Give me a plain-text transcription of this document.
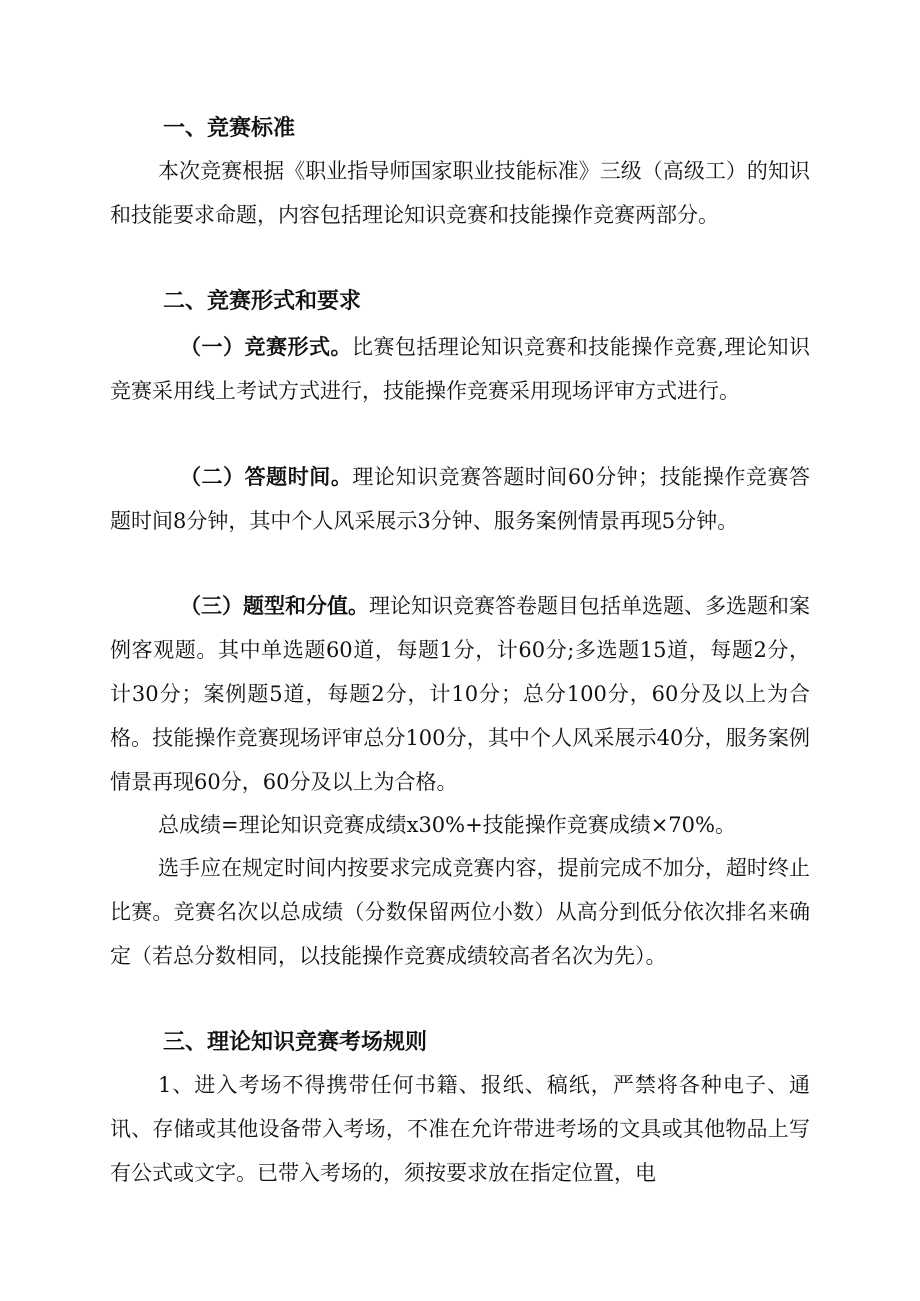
一、竞赛标准
本次竞赛根据《职业指导师国家职业技能标准》三级（高级工）的知识和技能要求命题，内容包括理论知识竞赛和技能操作竞赛两部分。
二、竞赛形式和要求
（一）竞赛形式。比赛包括理论知识竞赛和技能操作竞赛,理论知识竞赛采用线上考试方式进行，技能操作竞赛采用现场评审方式进行。
（二）答题时间。理论知识竞赛答题时间60分钟；技能操作竞赛答题时间8分钟，其中个人风采展示3分钟、服务案例情景再现5分钟。
（三）题型和分值。理论知识竞赛答卷题目包括单选题、多选题和案例客观题。其中单选题60道，每题1分，计60分;多选题15道，每题2分，计30分；案例题5道，每题2分，计10分；总分100分，60分及以上为合格。技能操作竞赛现场评审总分100分，其中个人风采展示40分，服务案例情景再现60分，60分及以上为合格。
总成绩=理论知识竞赛成绩x30%+技能操作竞赛成绩×70%。
选手应在规定时间内按要求完成竞赛内容，提前完成不加分，超时终止比赛。竞赛名次以总成绩（分数保留两位小数）从高分到低分依次排名来确定（若总分数相同，以技能操作竞赛成绩较高者名次为先）。
三、理论知识竞赛考场规则
1、进入考场不得携带任何书籍、报纸、稿纸，严禁将各种电子、通讯、存储或其他设备带入考场，不准在允许带进考场的文具或其他物品上写有公式或文字。已带入考场的，须按要求放在指定位置，电
